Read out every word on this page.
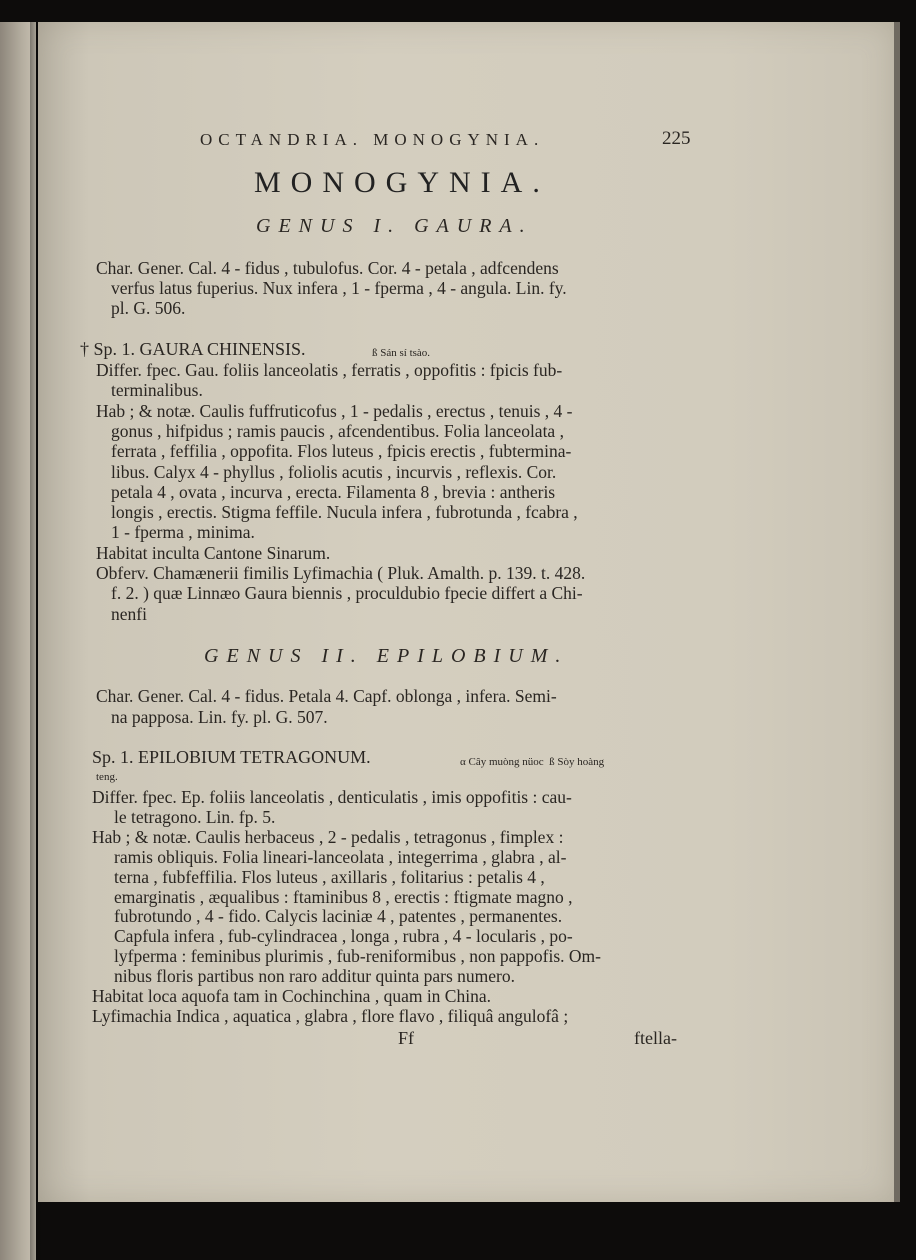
OCTANDRIA. MONOGYNIA.	225
MONOGYNIA.
GENUS I. GAURA.
Char. Gener. Cal. 4 - fidus , tubulofus. Cor. 4 - petala , adfcendens
verfus latus fuperius. Nux infera , 1 - fperma , 4 - angula. Lin. fy.
pl. G. 506.
† Sp. 1. GAURA CHINENSIS.	ß Sán sí tsào.
Differ. fpec. Gau. foliis lanceolatis , ferratis , oppofitis : fpicis fub-
terminalibus.
Hab ; & notæ. Caulis fuffruticofus , 1 - pedalis , erectus , tenuis , 4 -
gonus , hifpidus ; ramis paucis , afcendentibus. Folia lanceolata ,
ferrata , feffilia , oppofita. Flos luteus , fpicis erectis , fubtermina-
libus. Calyx 4 - phyllus , foliolis acutis , incurvis , reflexis. Cor.
petala 4 , ovata , incurva , erecta. Filamenta 8 , brevia : antheris
longis , erectis. Stigma feffile. Nucula infera , fubrotunda , fcabra ,
1 - fperma , minima.
Habitat inculta Cantone Sinarum.
Obferv. Chamænerii fimilis Lyfimachia ( Pluk. Amalth. p. 139. t. 428.
f. 2. ) quæ Linnæo Gaura biennis , proculdubio fpecie differt a Chi-
nenfi
GENUS II. EPILOBIUM.
Char. Gener. Cal. 4 - fidus. Petala 4. Capf. oblonga , infera. Semi-
na papposa. Lin. fy. pl. G. 507.
Sp. 1. EPILOBIUM TETRAGONUM.	α Cây muòng nüoc  ß Sòy hoàng
teng.
Differ. fpec. Ep. foliis lanceolatis , denticulatis , imis oppofitis : cau-
le tetragono. Lin. fp. 5.
Hab ; & notæ. Caulis herbaceus , 2 - pedalis , tetragonus , fimplex :
ramis obliquis. Folia lineari-lanceolata , integerrima , glabra , al-
terna , fubfeffilia. Flos luteus , axillaris , folitarius : petalis 4 ,
emarginatis , æqualibus : ftaminibus 8 , erectis : ftigmate magno ,
fubrotundo , 4 - fido. Calycis laciniæ 4 , patentes , permanentes.
Capfula infera , fub-cylindracea , longa , rubra , 4 - locularis , po-
lyfperma : feminibus plurimis , fub-reniformibus , non pappofis. Om-
nibus floris partibus non raro additur quinta pars numero.
Habitat loca aquofa tam in Cochinchina , quam in China.
Lyfimachia Indica , aquatica , glabra , flore flavo , filiquâ angulofâ ;
Ff	ftella-
